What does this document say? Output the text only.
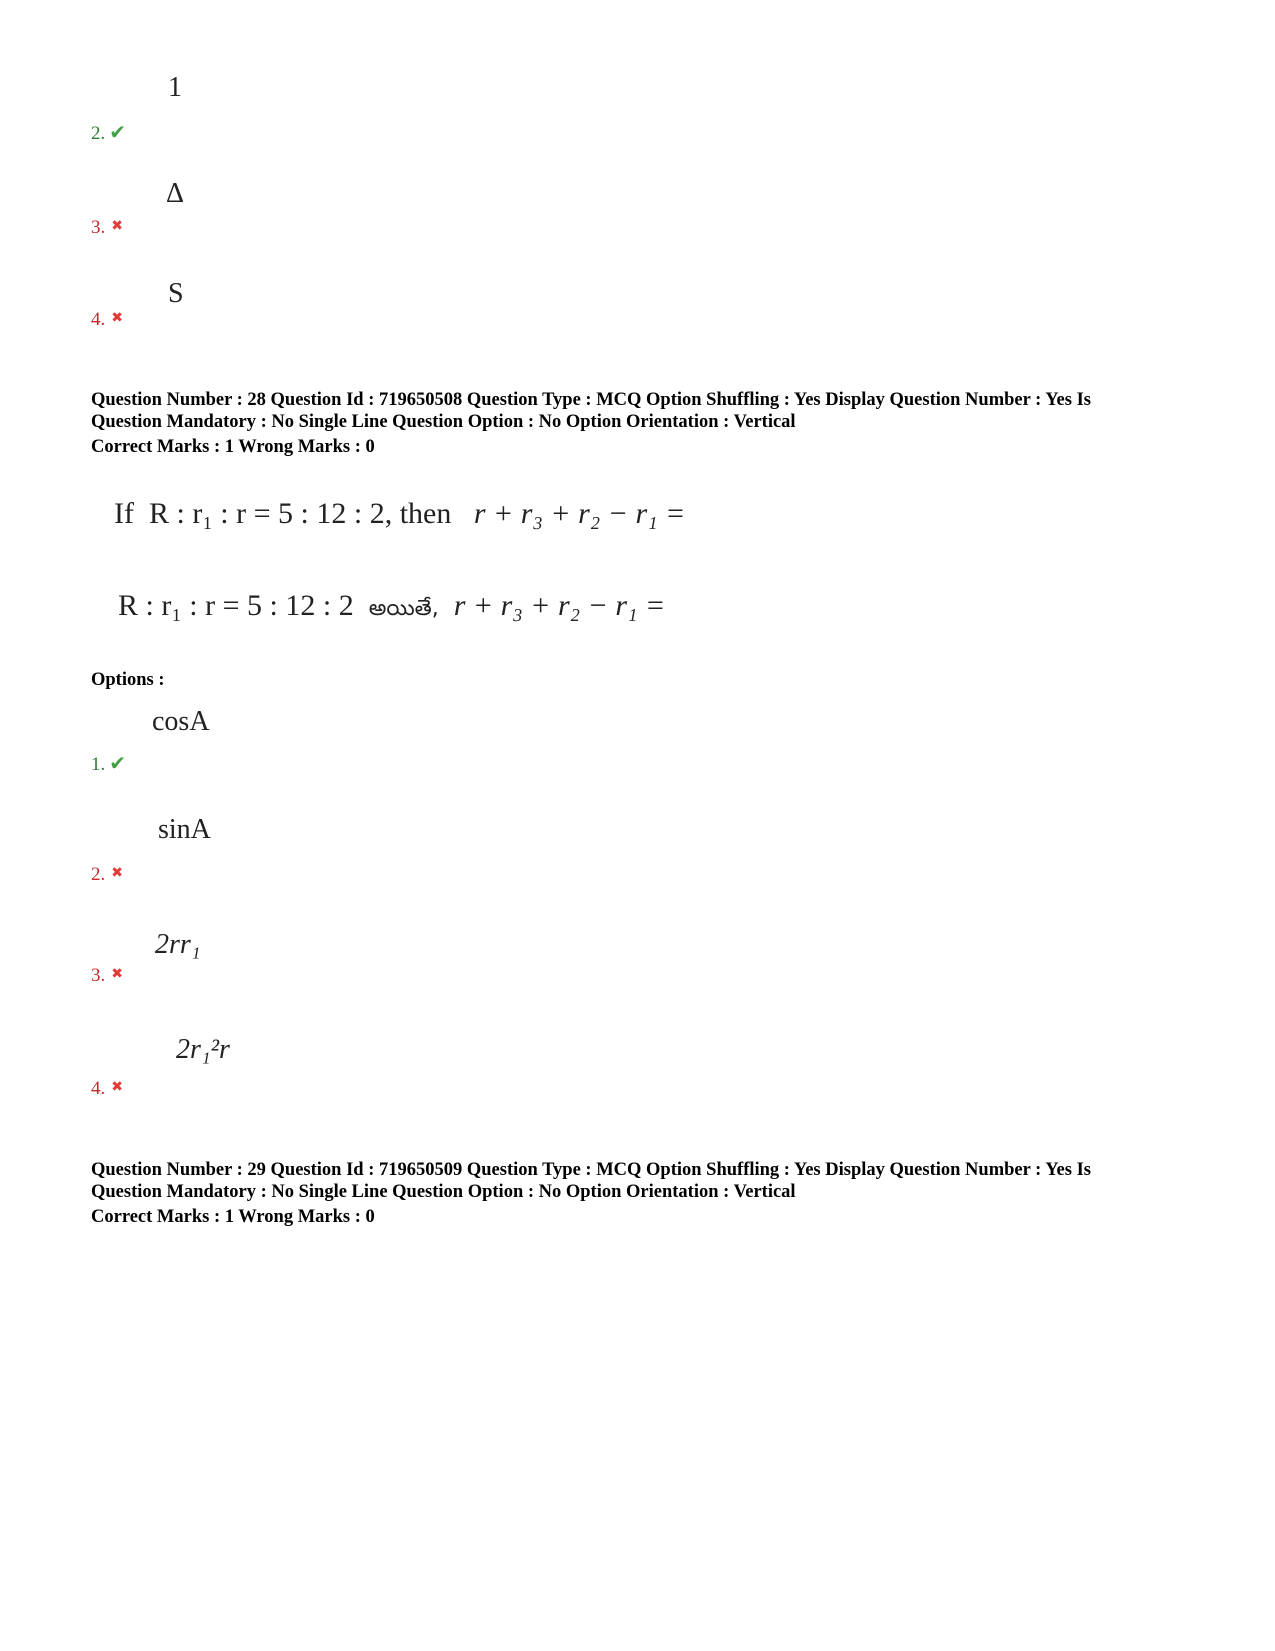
1
2. ✔
Δ
3. ✖
S
4. ✖
Question Number : 28 Question Id : 719650508 Question Type : MCQ Option Shuffling : Yes Display Question Number : Yes Is
Question Mandatory : No Single Line Question Option : No Option Orientation : Vertical
Correct Marks : 1 Wrong Marks : 0
If R : r₁ : r = 5 : 12 : 2, then r + r₃ + r₂ − r₁ =
R : r₁ : r = 5 : 12 : 2 అయితే, r + r₃ + r₂ − r₁ =
Options :
cosA
1. ✔
sinA
2. ✖
2rr₁
3. ✖
2r₁²r
4. ✖
Question Number : 29 Question Id : 719650509 Question Type : MCQ Option Shuffling : Yes Display Question Number : Yes Is
Question Mandatory : No Single Line Question Option : No Option Orientation : Vertical
Correct Marks : 1 Wrong Marks : 0
